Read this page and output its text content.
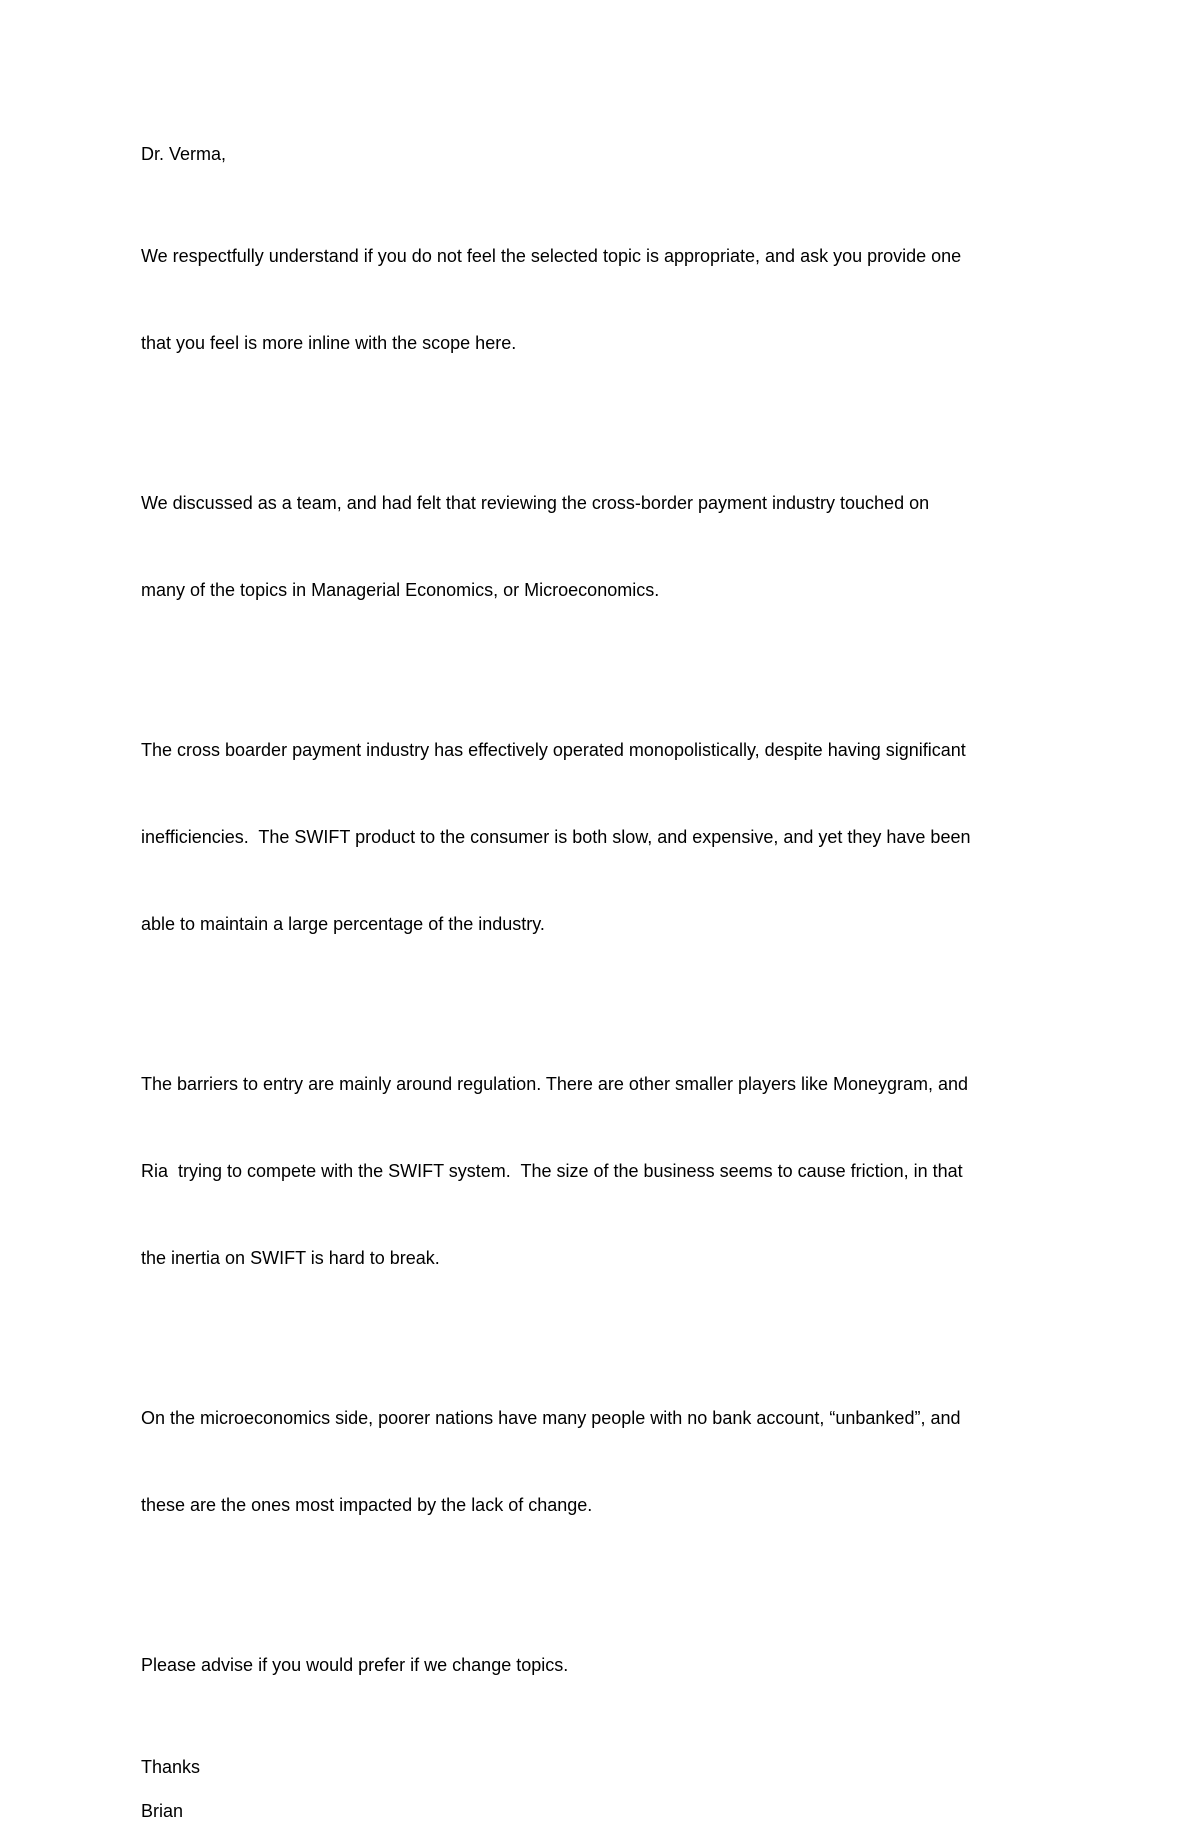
Dr. Verma,

We respectfully understand if you do not feel the selected topic is appropriate, and ask you provide one

that you feel is more inline with the scope here.

We discussed as a team, and had felt that reviewing the cross-border payment industry touched on

many of the topics in Managerial Economics, or Microeconomics.

The cross boarder payment industry has effectively operated monopolistically, despite having significant

inefficiencies.  The SWIFT product to the consumer is both slow, and expensive, and yet they have been

able to maintain a large percentage of the industry.

The barriers to entry are mainly around regulation. There are other smaller players like Moneygram, and

Ria  trying to compete with the SWIFT system.  The size of the business seems to cause friction, in that

the inertia on SWIFT is hard to break.

On the microeconomics side, poorer nations have many people with no bank account, “unbanked”, and

these are the ones most impacted by the lack of change.

Please advise if you would prefer if we change topics.

Thanks

Brian
